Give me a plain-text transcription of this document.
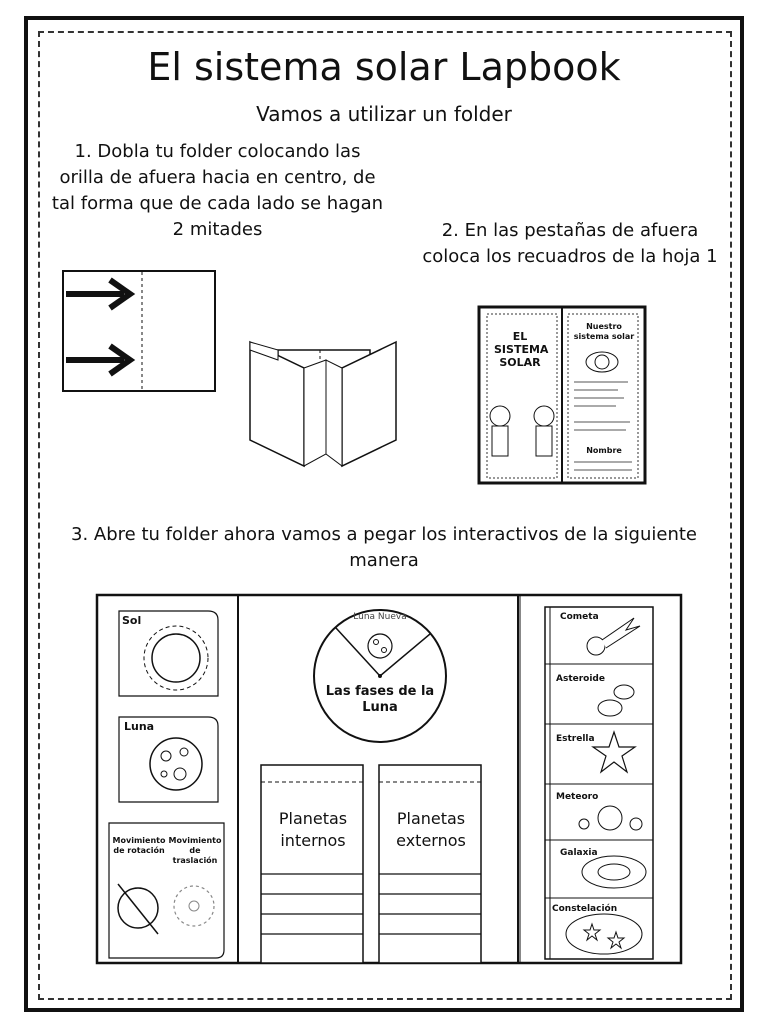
El sistema solar Lapbook
Vamos a utilizar un folder
1. Dobla tu folder colocando las orilla de afuera hacia en centro, de tal forma que de cada lado se hagan 2 mitades	2. En las pestañas de afuera coloca los recuadros de la hoja 1
3. Abre tu folder ahora vamos a pegar los interactivos de la siguiente manera
EL SISTEMA SOLAR
Nuestro sistema solar
Nombre
Sol
Luna
Movimiento de rotación
Movimiento de traslación
Luna Nueva
Las fases de la Luna
Planetas internos
Planetas externos
Cometa
Asteroide
Estrella
Meteoro
Galaxia
Constelación
